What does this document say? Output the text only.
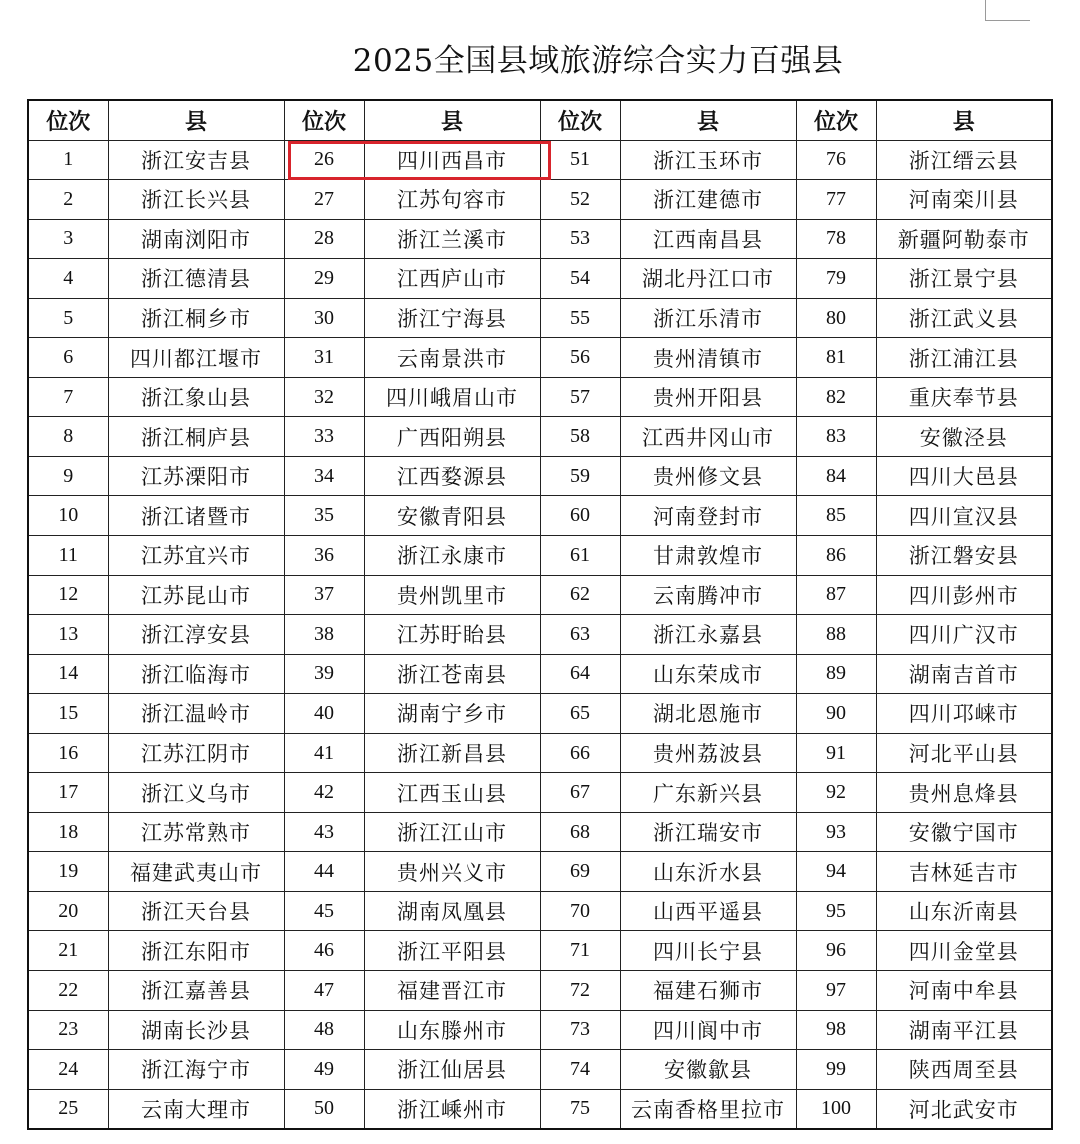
2025全国县域旅游综合实力百强县
位次	县	位次	县	位次	县	位次	县
1	浙江安吉县	26	四川西昌市	51	浙江玉环市	76	浙江缙云县
2	浙江长兴县	27	江苏句容市	52	浙江建德市	77	河南栾川县
3	湖南浏阳市	28	浙江兰溪市	53	江西南昌县	78	新疆阿勒泰市
4	浙江德清县	29	江西庐山市	54	湖北丹江口市	79	浙江景宁县
5	浙江桐乡市	30	浙江宁海县	55	浙江乐清市	80	浙江武义县
6	四川都江堰市	31	云南景洪市	56	贵州清镇市	81	浙江浦江县
7	浙江象山县	32	四川峨眉山市	57	贵州开阳县	82	重庆奉节县
8	浙江桐庐县	33	广西阳朔县	58	江西井冈山市	83	安徽泾县
9	江苏溧阳市	34	江西婺源县	59	贵州修文县	84	四川大邑县
10	浙江诸暨市	35	安徽青阳县	60	河南登封市	85	四川宣汉县
11	江苏宜兴市	36	浙江永康市	61	甘肃敦煌市	86	浙江磐安县
12	江苏昆山市	37	贵州凯里市	62	云南腾冲市	87	四川彭州市
13	浙江淳安县	38	江苏盱眙县	63	浙江永嘉县	88	四川广汉市
14	浙江临海市	39	浙江苍南县	64	山东荣成市	89	湖南吉首市
15	浙江温岭市	40	湖南宁乡市	65	湖北恩施市	90	四川邛崃市
16	江苏江阴市	41	浙江新昌县	66	贵州荔波县	91	河北平山县
17	浙江义乌市	42	江西玉山县	67	广东新兴县	92	贵州息烽县
18	江苏常熟市	43	浙江江山市	68	浙江瑞安市	93	安徽宁国市
19	福建武夷山市	44	贵州兴义市	69	山东沂水县	94	吉林延吉市
20	浙江天台县	45	湖南凤凰县	70	山西平遥县	95	山东沂南县
21	浙江东阳市	46	浙江平阳县	71	四川长宁县	96	四川金堂县
22	浙江嘉善县	47	福建晋江市	72	福建石狮市	97	河南中牟县
23	湖南长沙县	48	山东滕州市	73	四川阆中市	98	湖南平江县
24	浙江海宁市	49	浙江仙居县	74	安徽歙县	99	陕西周至县
25	云南大理市	50	浙江嵊州市	75	云南香格里拉市	100	河北武安市
